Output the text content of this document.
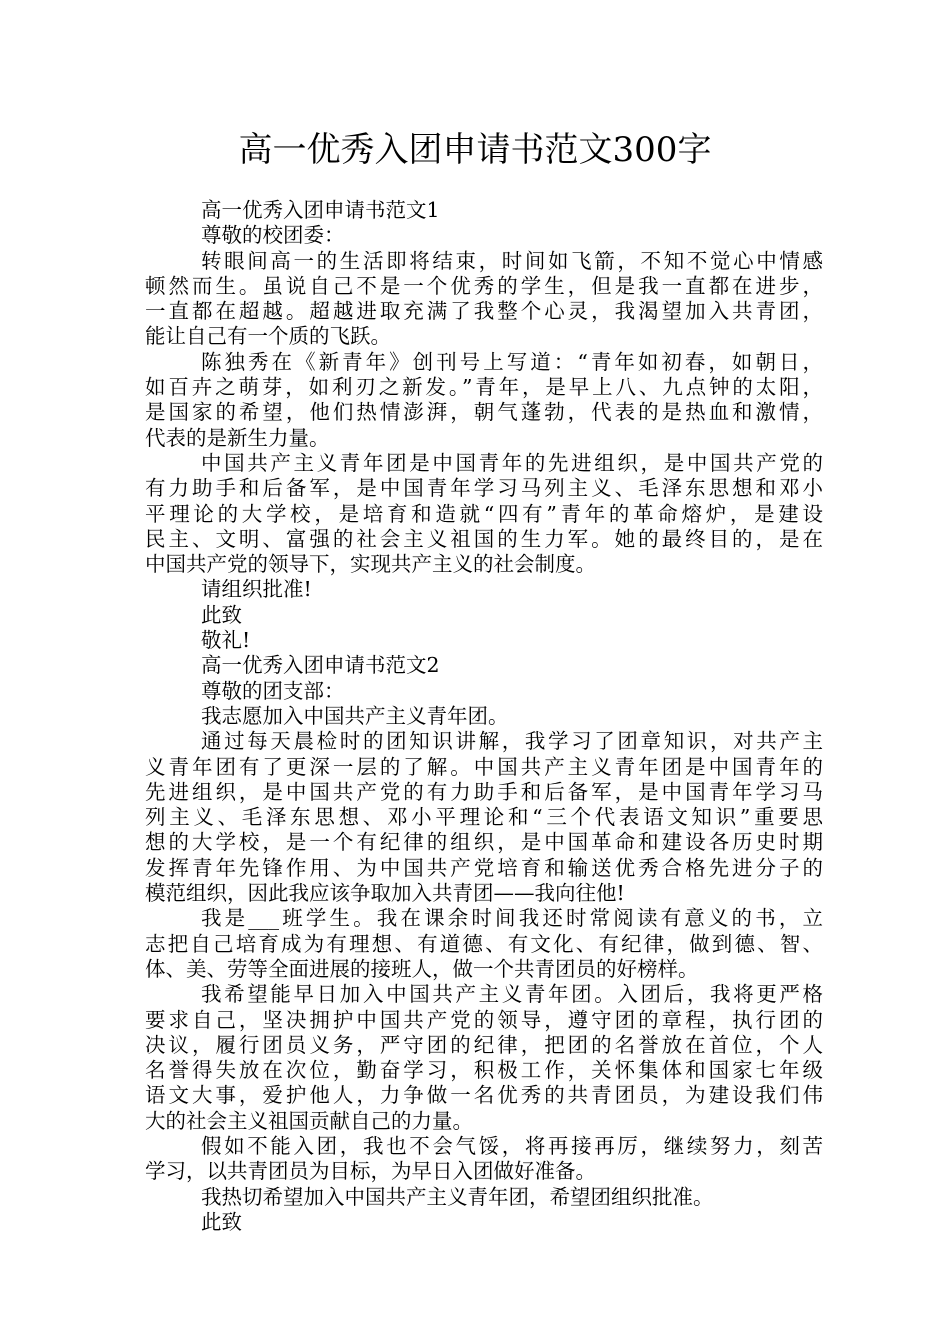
高一优秀入团申请书范文300字
高一优秀入团申请书范文1
尊敬的校团委：
转眼间高一的生活即将结束，时间如飞箭，不知不觉心中情感
顿然而生。虽说自己不是一个优秀的学生，但是我一直都在进步，
一直都在超越。超越进取充满了我整个心灵，我渴望加入共青团，
能让自己有一个质的飞跃。
陈独秀在《新青年》创刊号上写道：“青年如初春，如朝日，
如百卉之萌芽，如利刃之新发。”青年，是早上八、九点钟的太阳，
是国家的希望，他们热情澎湃，朝气蓬勃，代表的是热血和激情，
代表的是新生力量。
中国共产主义青年团是中国青年的先进组织，是中国共产党的
有力助手和后备军，是中国青年学习马列主义、毛泽东思想和邓小
平理论的大学校，是培育和造就“四有”青年的革命熔炉，是建设
民主、文明、富强的社会主义祖国的生力军。她的最终目的，是在
中国共产党的领导下，实现共产主义的社会制度。
请组织批准!
此致
敬礼!
高一优秀入团申请书范文2
尊敬的团支部：
我志愿加入中国共产主义青年团。
通过每天晨检时的团知识讲解，我学习了团章知识，对共产主
义青年团有了更深一层的了解。中国共产主义青年团是中国青年的
先进组织，是中国共产党的有力助手和后备军，是中国青年学习马
列主义、毛泽东思想、邓小平理论和“三个代表语文知识”重要思
想的大学校，是一个有纪律的组织，是中国革命和建设各历史时期
发挥青年先锋作用、为中国共产党培育和输送优秀合格先进分子的
模范组织，因此我应该争取加入共青团——我向往他!
我是___班学生。我在课余时间我还时常阅读有意义的书，立
志把自己培育成为有理想、有道德、有文化、有纪律，做到德、智、
体、美、劳等全面进展的接班人，做一个共青团员的好榜样。
我希望能早日加入中国共产主义青年团。入团后，我将更严格
要求自己，坚决拥护中国共产党的领导，遵守团的章程，执行团的
决议，履行团员义务，严守团的纪律，把团的名誉放在首位，个人
名誉得失放在次位，勤奋学习，积极工作，关怀集体和国家七年级
语文大事，爱护他人，力争做一名优秀的共青团员，为建设我们伟
大的社会主义祖国贡献自己的力量。
假如不能入团，我也不会气馁，将再接再厉，继续努力，刻苦
学习，以共青团员为目标，为早日入团做好准备。
我热切希望加入中国共产主义青年团，希望团组织批准。
此致
